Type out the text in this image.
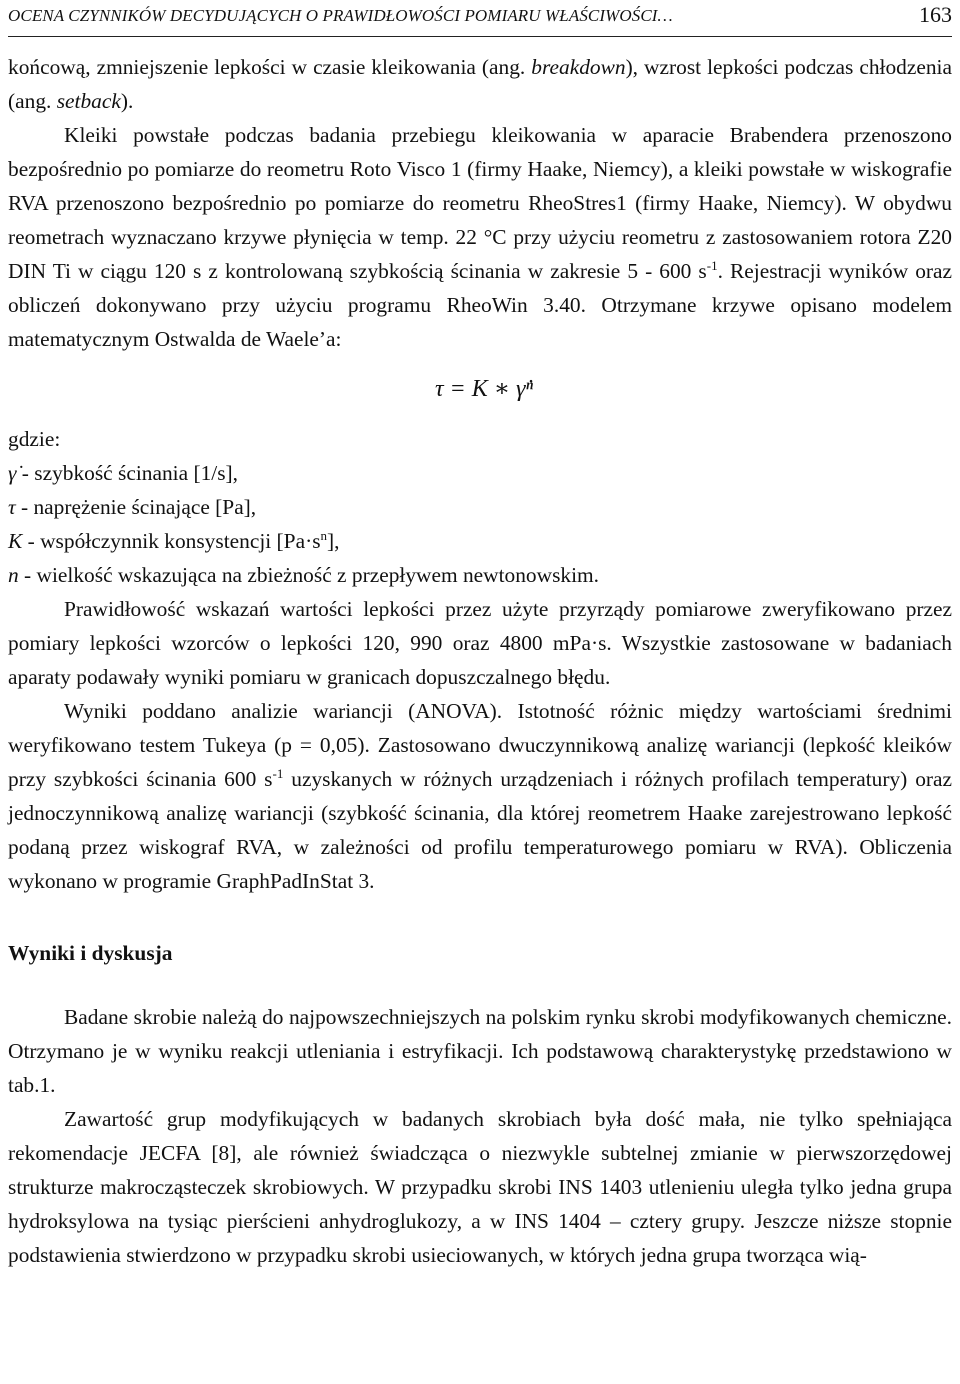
OCENA CZYNNIKÓW DECYDUJĄCYCH O PRAWIDŁOWOŚCI POMIARU WŁAŚCIWOŚCI…	163

końcową, zmniejszenie lepkości w czasie kleikowania (ang. breakdown), wzrost lepkości podczas chłodzenia (ang. setback).

Kleiki powstałe podczas badania przebiegu kleikowania w aparacie Brabendera przenoszono bezpośrednio po pomiarze do reometru Roto Visco 1 (firmy Haake, Niemcy), a kleiki powstałe w wiskografie RVA przenoszono bezpośrednio po pomiarze do reometru RheoStres1 (firmy Haake, Niemcy). W obydwu reometrach wyznaczano krzywe płynięcia w temp. 22 °C przy użyciu reometru z zastosowaniem rotora Z20 DIN Ti w ciągu 120 s z kontrolowaną szybkością ścinania w zakresie 5 - 600 $s^{-1}$. Rejestracji wyników oraz obliczeń dokonywano przy użyciu programu RheoWin 3.40. Otrzymane krzywe opisano modelem matematycznym Ostwalda de Waele’a:

τ = K ∗ γ̇ⁿ
gdzie:
γ̇ - szybkość ścinania [1/s],
τ - naprężenie ścinające [Pa],
K - współczynnik konsystencji $[Pa\cdot s^n]$,
n - wielkość wskazująca na zbieżność z przepływem newtonowskim.

Prawidłowość wskazań wartości lepkości przez użyte przyrządy pomiarowe zweryfikowano przez pomiary lepkości wzorców o lepkości 120, 990 oraz 4800 mPa·s. Wszystkie zastosowane w badaniach aparaty podawały wyniki pomiaru w granicach dopuszczalnego błędu.

Wyniki poddano analizie wariancji (ANOVA). Istotność różnic między wartościami średnimi weryfikowano testem Tukeya (p = 0,05). Zastosowano dwuczynnikową analizę wariancji (lepkość kleików przy szybkości ścinania 600 $s^{-1}$ uzyskanych w różnych urządzeniach i różnych profilach temperatury) oraz jednoczynnikową analizę wariancji (szybkość ścinania, dla której reometrem Haake zarejestrowano lepkość podaną przez wiskograf RVA, w zależności od profilu temperaturowego pomiaru w RVA). Obliczenia wykonano w programie GraphPadInStat 3.

Wyniki i dyskusja

Badane skrobie należą do najpowszechniejszych na polskim rynku skrobi modyfikowanych chemiczne. Otrzymano je w wyniku reakcji utleniania i estryfikacji. Ich podstawową charakterystykę przedstawiono w tab.1.

Zawartość grup modyfikujących w badanych skrobiach była dość mała, nie tylko spełniająca rekomendacje JECFA [8], ale również świadcząca o niezwykle subtelnej zmianie w pierwszorzędowej strukturze makrocząsteczek skrobiowych. W przypadku skrobi INS 1403 utlenieniu uległa tylko jedna grupa hydroksylowa na tysiąc pierścieni anhydroglukozy, a w INS 1404 – cztery grupy. Jeszcze niższe stopnie podstawienia stwierdzono w przypadku skrobi usieciowanych, w których jedna grupa tworząca wią-
